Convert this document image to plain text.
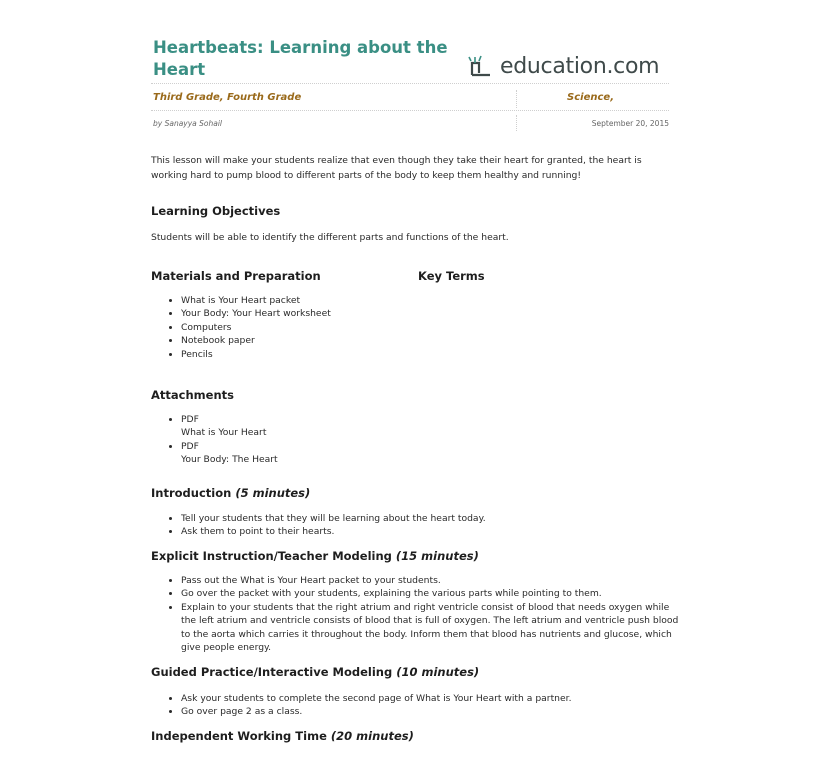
Heartbeats: Learning about the Heart	education .com
Third Grade, Fourth Grade	Science,
by Sanayya Sohail	September 20, 2015
This lesson will make your students realize that even though they take their heart for granted, the heart is working hard to pump blood to different parts of the body to keep them healthy and running!
Learning Objectives
Students will be able to identify the different parts and functions of the heart.
Materials and Preparation	Key Terms
• What is Your Heart packet
• Your Body: Your Heart worksheet
• Computers
• Notebook paper
• Pencils
Attachments
• PDF
What is Your Heart
• PDF
Your Body: The Heart
Introduction (5 minutes)
• Tell your students that they will be learning about the heart today.
• Ask them to point to their hearts.
Explicit Instruction/Teacher Modeling (15 minutes)
• Pass out the What is Your Heart packet to your students.
• Go over the packet with your students, explaining the various parts while pointing to them.
• Explain to your students that the right atrium and right ventricle consist of blood that needs oxygen while the left atrium and ventricle consists of blood that is full of oxygen. The left atrium and ventricle push blood to the aorta which carries it throughout the body. Inform them that blood has nutrients and glucose, which give people energy.
Guided Practice/Interactive Modeling (10 minutes)
• Ask your students to complete the second page of What is Your Heart with a partner.
• Go over page 2 as a class.
Independent Working Time (20 minutes)
